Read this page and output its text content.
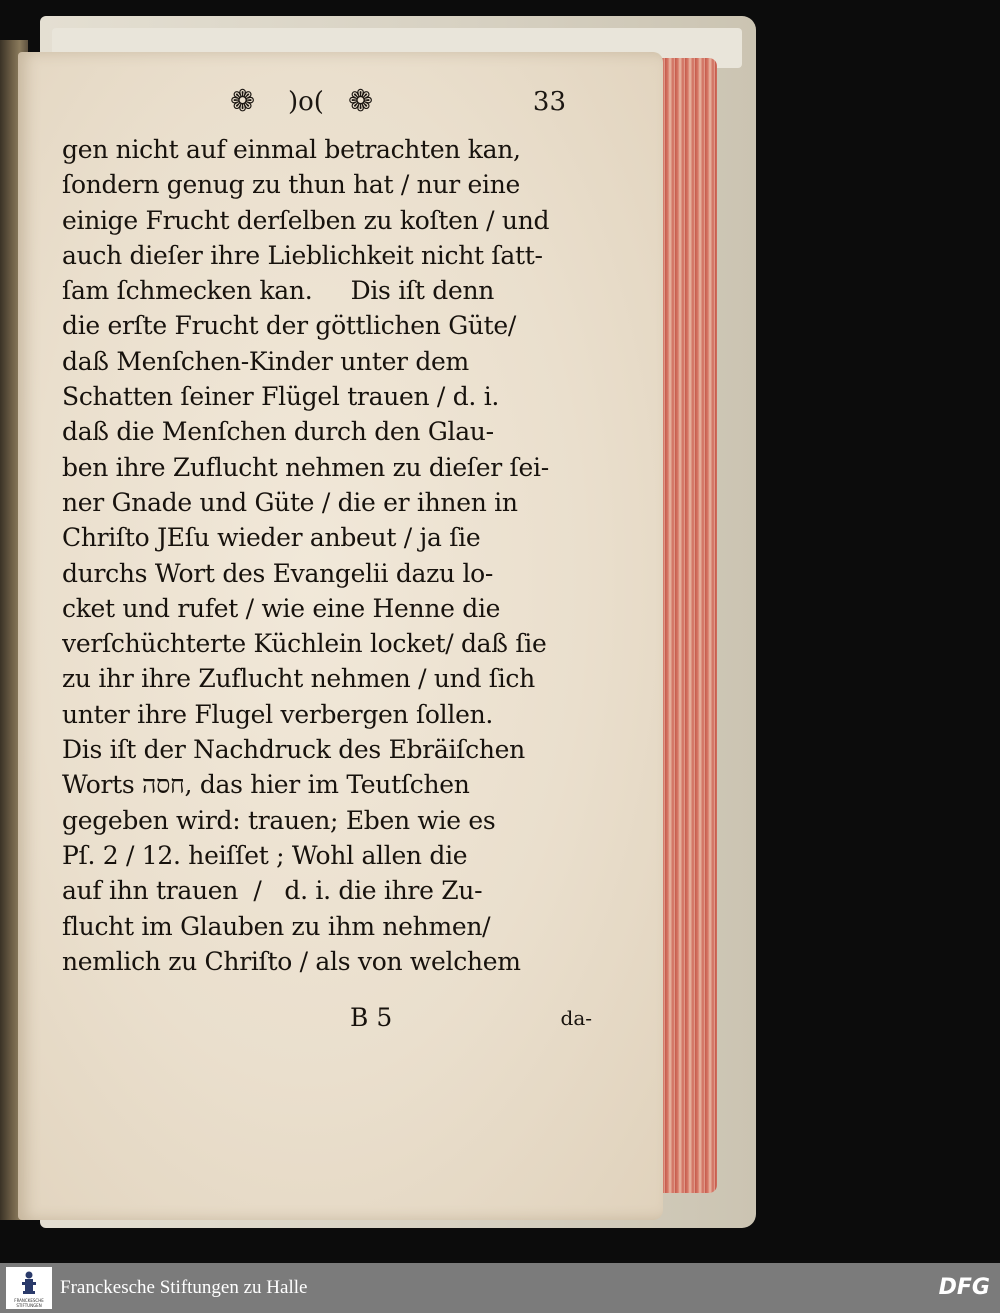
❁ )o( ❁	33
gen nicht auf einmal betrachten kan,
ſondern genug zu thun hat / nur eine
einige Frucht derſelben zu koſten / und
auch dieſer ihre Lieblichkeit nicht ſatt-
ſam ſchmecken kan.     Dis iſt denn
die erſte Frucht der göttlichen Güte/
daß Menſchen-Kinder unter dem
Schatten ſeiner Flügel trauen / d. i.
daß die Menſchen durch den Glau-
ben ihre Zuflucht nehmen zu dieſer ſei-
ner Gnade und Güte / die er ihnen in
Chriſto JEſu wieder anbeut / ja ſie
durchs Wort des Evangelii dazu lo-
cket und rufet / wie eine Henne die
verſchüchterte Küchlein locket/ daß ſie
zu ihr ihre Zuflucht nehmen / und ſich
unter ihre Flugel verbergen ſollen.
Dis iſt der Nachdruck des Ebräiſchen
Worts חסה, das hier im Teutſchen
gegeben wird: trauen; Eben wie es
Pſ. 2 / 12. heiſſet ; Wohl allen die
auf ihn trauen  /   d. i. die ihre Zu-
flucht im Glauben zu ihm nehmen/
nemlich zu Chriſto / als von welchem
B 5	da-
FRANCKESCHE STIFTUNGEN
Franckesche Stiftungen zu Halle	DFG
